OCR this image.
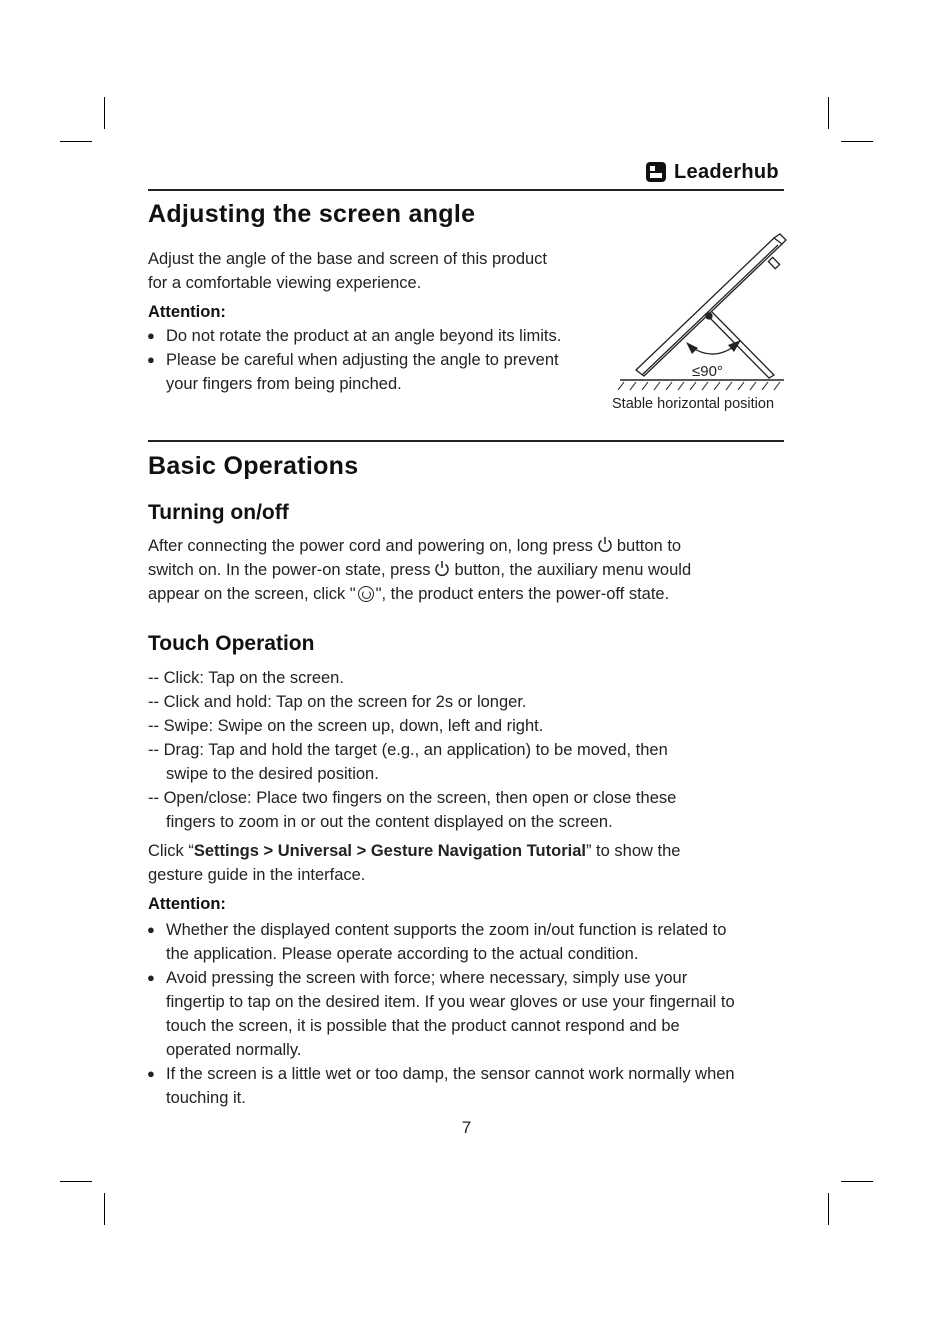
Leaderhub
Adjusting the screen angle

Adjust the angle of the base and screen of this product

for a comfortable viewing experience.

Attention:

● Do not rotate the product at an angle beyond its limits.
● Please be careful when adjusting the angle to prevent
your fingers from being pinched.
≤90°
Stable horizontal position
Basic Operations
Turning on/off

After connecting the power cord and powering on, long press button to

switch on. In the power-on state, press button, the auxiliary menu would

appear on the screen, click " ", the product enters the power-off state.

Touch Operation
-- Click: Tap on the screen.
-- Click and hold: Tap on the screen for 2s or longer.
-- Swipe: Swipe on the screen up, down, left and right.
-- Drag: Tap and hold the target (e.g., an application) to be moved, then
swipe to the desired position.
-- Open/close: Place two fingers on the screen, then open or close these
fingers to zoom in or out the content displayed on the screen.

Click “Settings > Universal > Gesture Navigation Tutorial” to show the
gesture guide in the interface.

Attention:

● Whether the displayed content supports the zoom in/out function is related to
the application. Please operate according to the actual condition.
● Avoid pressing the screen with force; where necessary, simply use your
fingertip to tap on the desired item. If you wear gloves or use your fingernail to
touch the screen, it is possible that the product cannot respond and be
operated normally.
● If the screen is a little wet or too damp, the sensor cannot work normally when
touching it.
7
